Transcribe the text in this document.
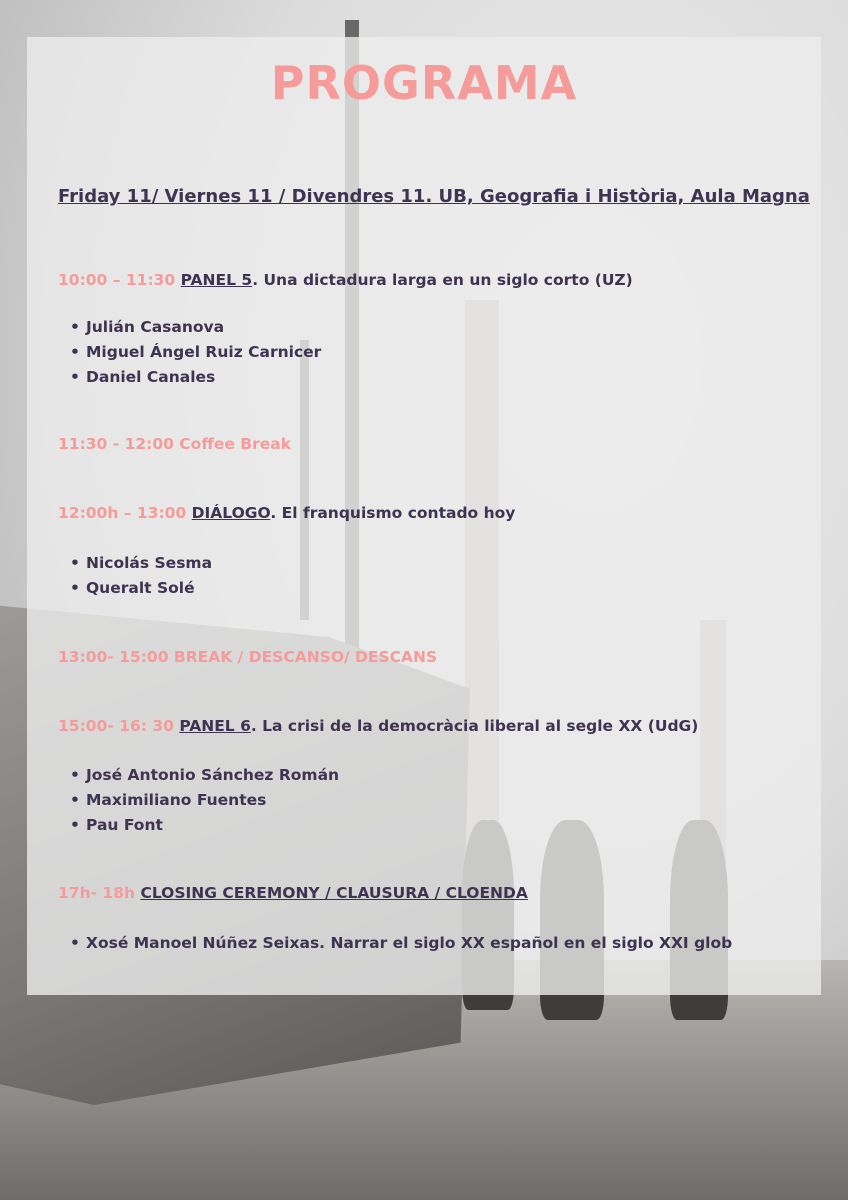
PROGRAMA
Friday 11/ Viernes 11 / Divendres 11. UB, Geografia i Història, Aula Magna
10:00 – 11:30 PANEL 5. Una dictadura larga en un siglo corto (UZ)
• Julián Casanova
• Miguel Ángel Ruiz Carnicer
• Daniel Canales
11:30 - 12:00 Coffee Break
12:00h – 13:00 DIÁLOGO. El franquismo contado hoy
• Nicolás Sesma
• Queralt Solé
13:00- 15:00 BREAK / DESCANSO/ DESCANS
15:00- 16: 30 PANEL 6. La crisi de la democràcia liberal al segle XX (UdG)
• José Antonio Sánchez Román
• Maximiliano Fuentes
• Pau Font
17h- 18h CLOSING CEREMONY / CLAUSURA / CLOENDA
• Xosé Manoel Núñez Seixas. Narrar el siglo XX español en el siglo XXI glob
